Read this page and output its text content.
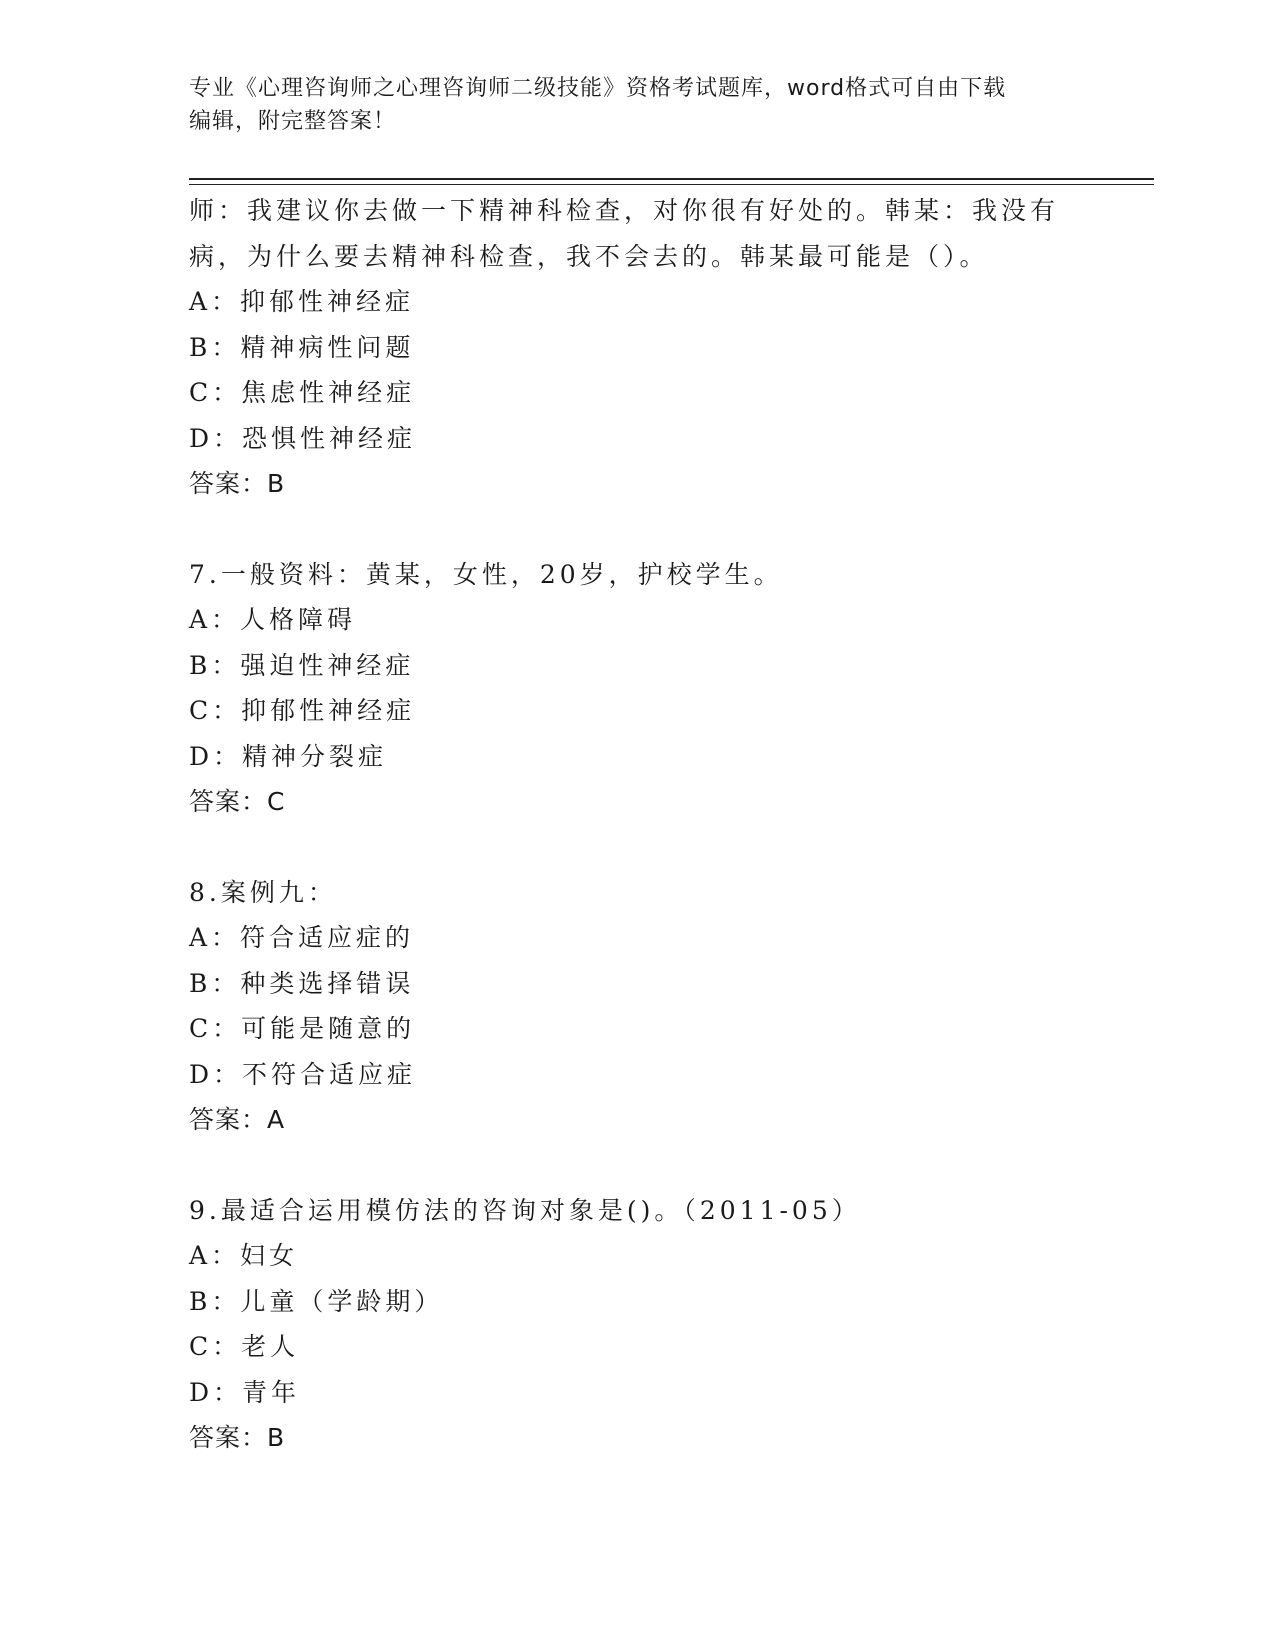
专业《心理咨询师之心理咨询师二级技能》资格考试题库，word格式可自由下载
编辑，附完整答案！
师：我建议你去做一下精神科检查，对你很有好处的。韩某：我没有
病，为什么要去精神科检查，我不会去的。韩某最可能是（）。
A：抑郁性神经症
B：精神病性问题
C：焦虑性神经症
D：恐惧性神经症
答案：B
7.一般资料：黄某，女性，20岁，护校学生。
A：人格障碍
B：强迫性神经症
C：抑郁性神经症
D：精神分裂症
答案：C
8.案例九：
A：符合适应症的
B：种类选择错误
C：可能是随意的
D：不符合适应症
答案：A
9.最适合运用模仿法的咨询对象是()。（2011-05）
A：妇女
B：儿童（学龄期）
C：老人
D：青年
答案：B
